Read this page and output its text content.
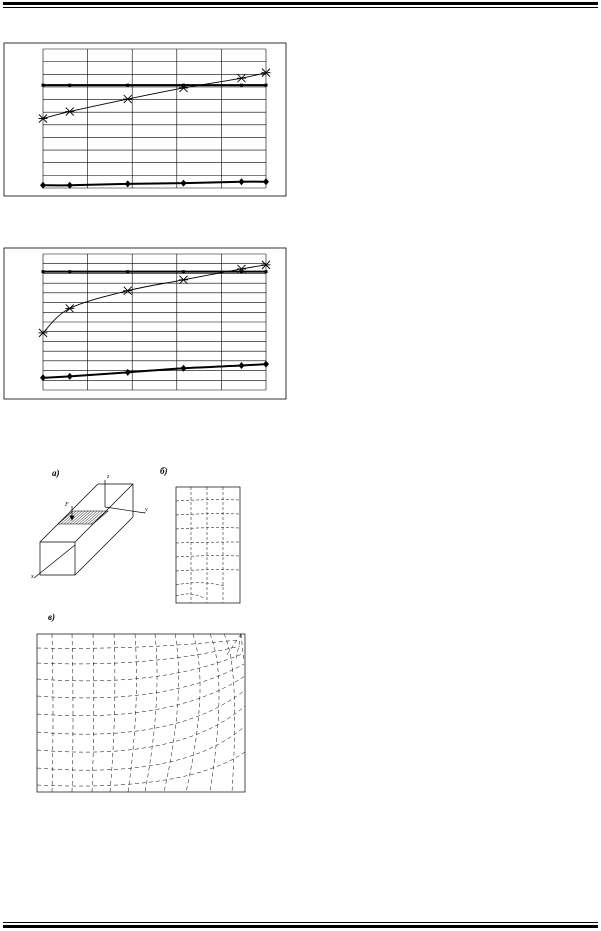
а)	б)
в)
z
y
x
F
